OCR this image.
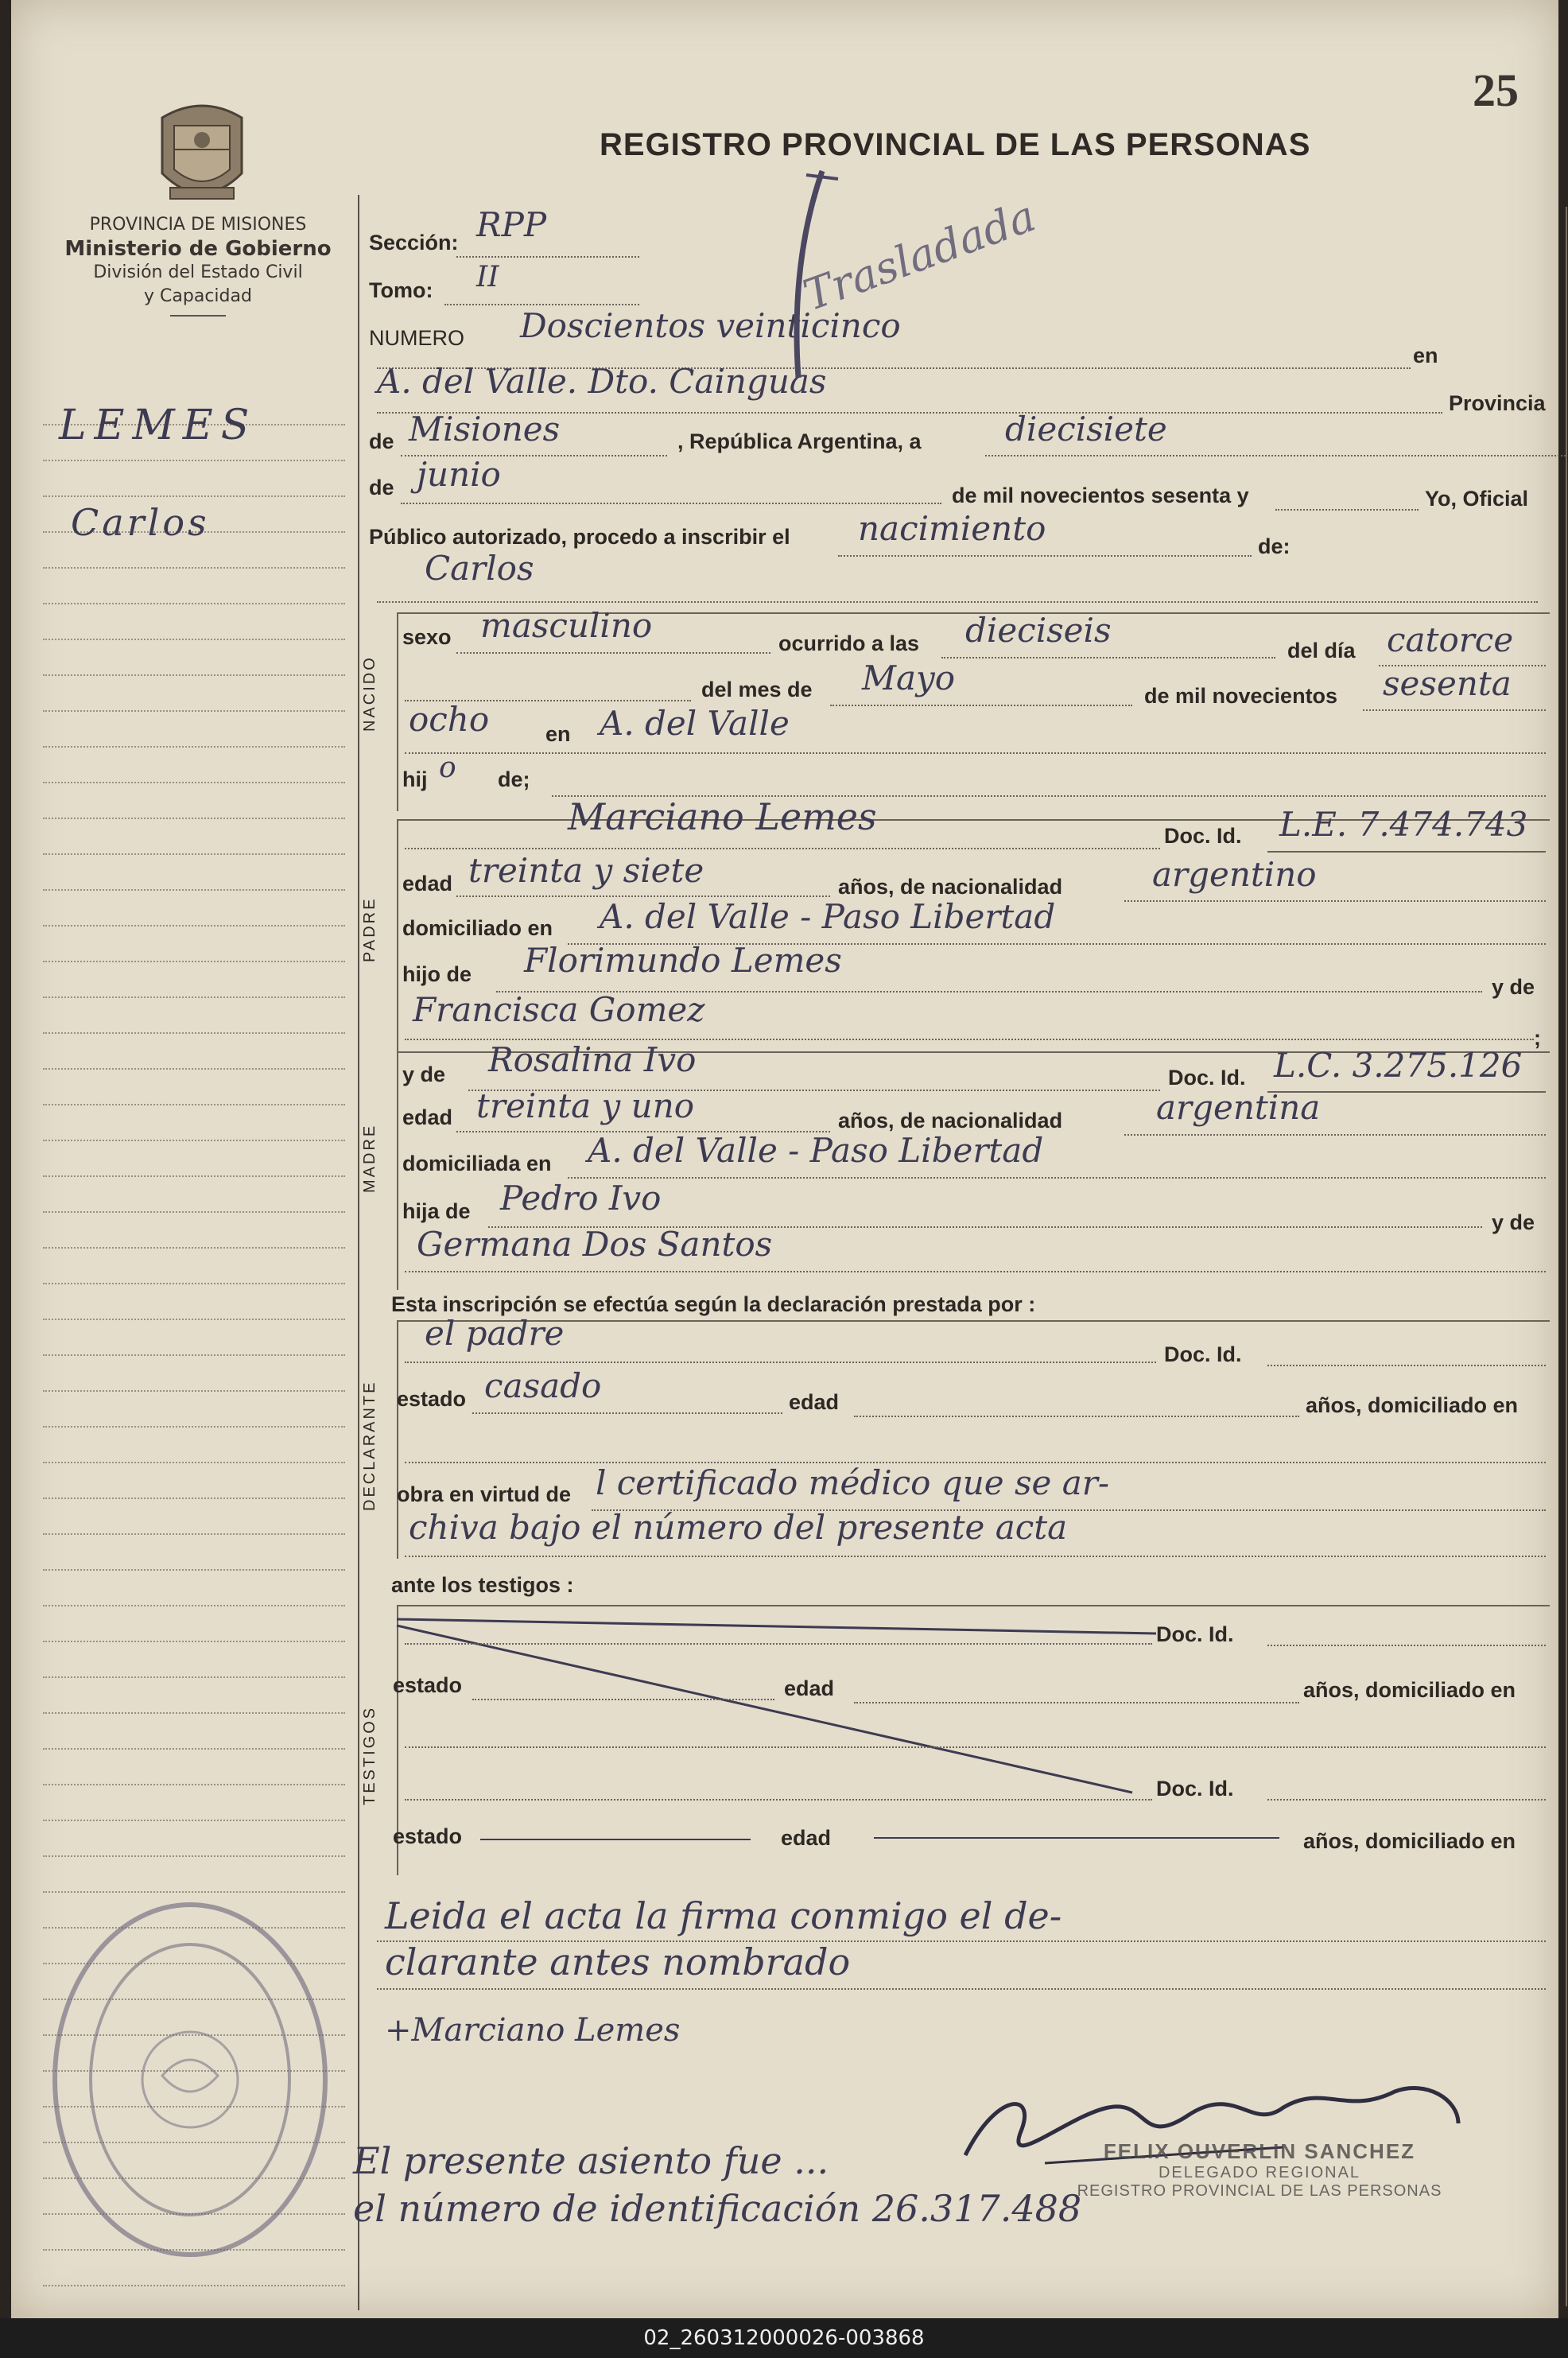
25
REGISTRO PROVINCIAL DE LAS PERSONAS
PROVINCIA DE MISIONES
Ministerio de Gobierno
División del Estado Civil
y Capacidad
LEMES
Carlos
Sección: RPP
Tomo: II
NUMERO Doscientos veinticinco
en
A. del Valle. Dto. Cainguas
Provincia
de Misiones	, República Argentina, a	diecisiete
de junio
de mil novecientos sesenta y	Yo, Oficial
Público autorizado, procedo a inscribir el nacimiento	de:
Carlos
NACIDO
sexo masculino	ocurrido a las dieciseis
del día catorce
del mes de Mayo	de mil novecientos sesenta
ocho	en A. del Valle
hij o de;
PADRE
Marciano Lemes	Doc. Id. L.E. 7.474.743
edad treinta y siete	años, de nacionalidad	argentino
domiciliado en A. del Valle - Paso Libertad
hijo de Florimundo Lemes
y de
Francisca Gomez
;
MADRE
y de Rosalina Ivo	Doc. Id. L.C. 3.275.126
edad treinta y uno	años, de nacionalidad	argentina
domiciliada en A. del Valle - Paso Libertad
hija de Pedro Ivo
y de
Germana Dos Santos
Esta inscripción se efectúa según la declaración prestada por :
DECLARANTE
el padre
Doc. Id.
estado casado	edad	años, domiciliado en
obra en virtud de l certificado médico que se ar-
chiva bajo el número del presente acta
ante los testigos :
TESTIGOS
Doc. Id.
estado	edad	años, domiciliado en
Doc. Id.
estado	edad	años, domiciliado en
Leida el acta la firma conmigo el de-
clarante antes nombrado
+Marciano Lemes
FELIX OUVERLIN SANCHEZ
DELEGADO REGIONAL
REGISTRO PROVINCIAL DE LAS PERSONAS
El presente asiento fue ...
el número de identificación 26.317.488
Trasladada
02_260312000026-003868
